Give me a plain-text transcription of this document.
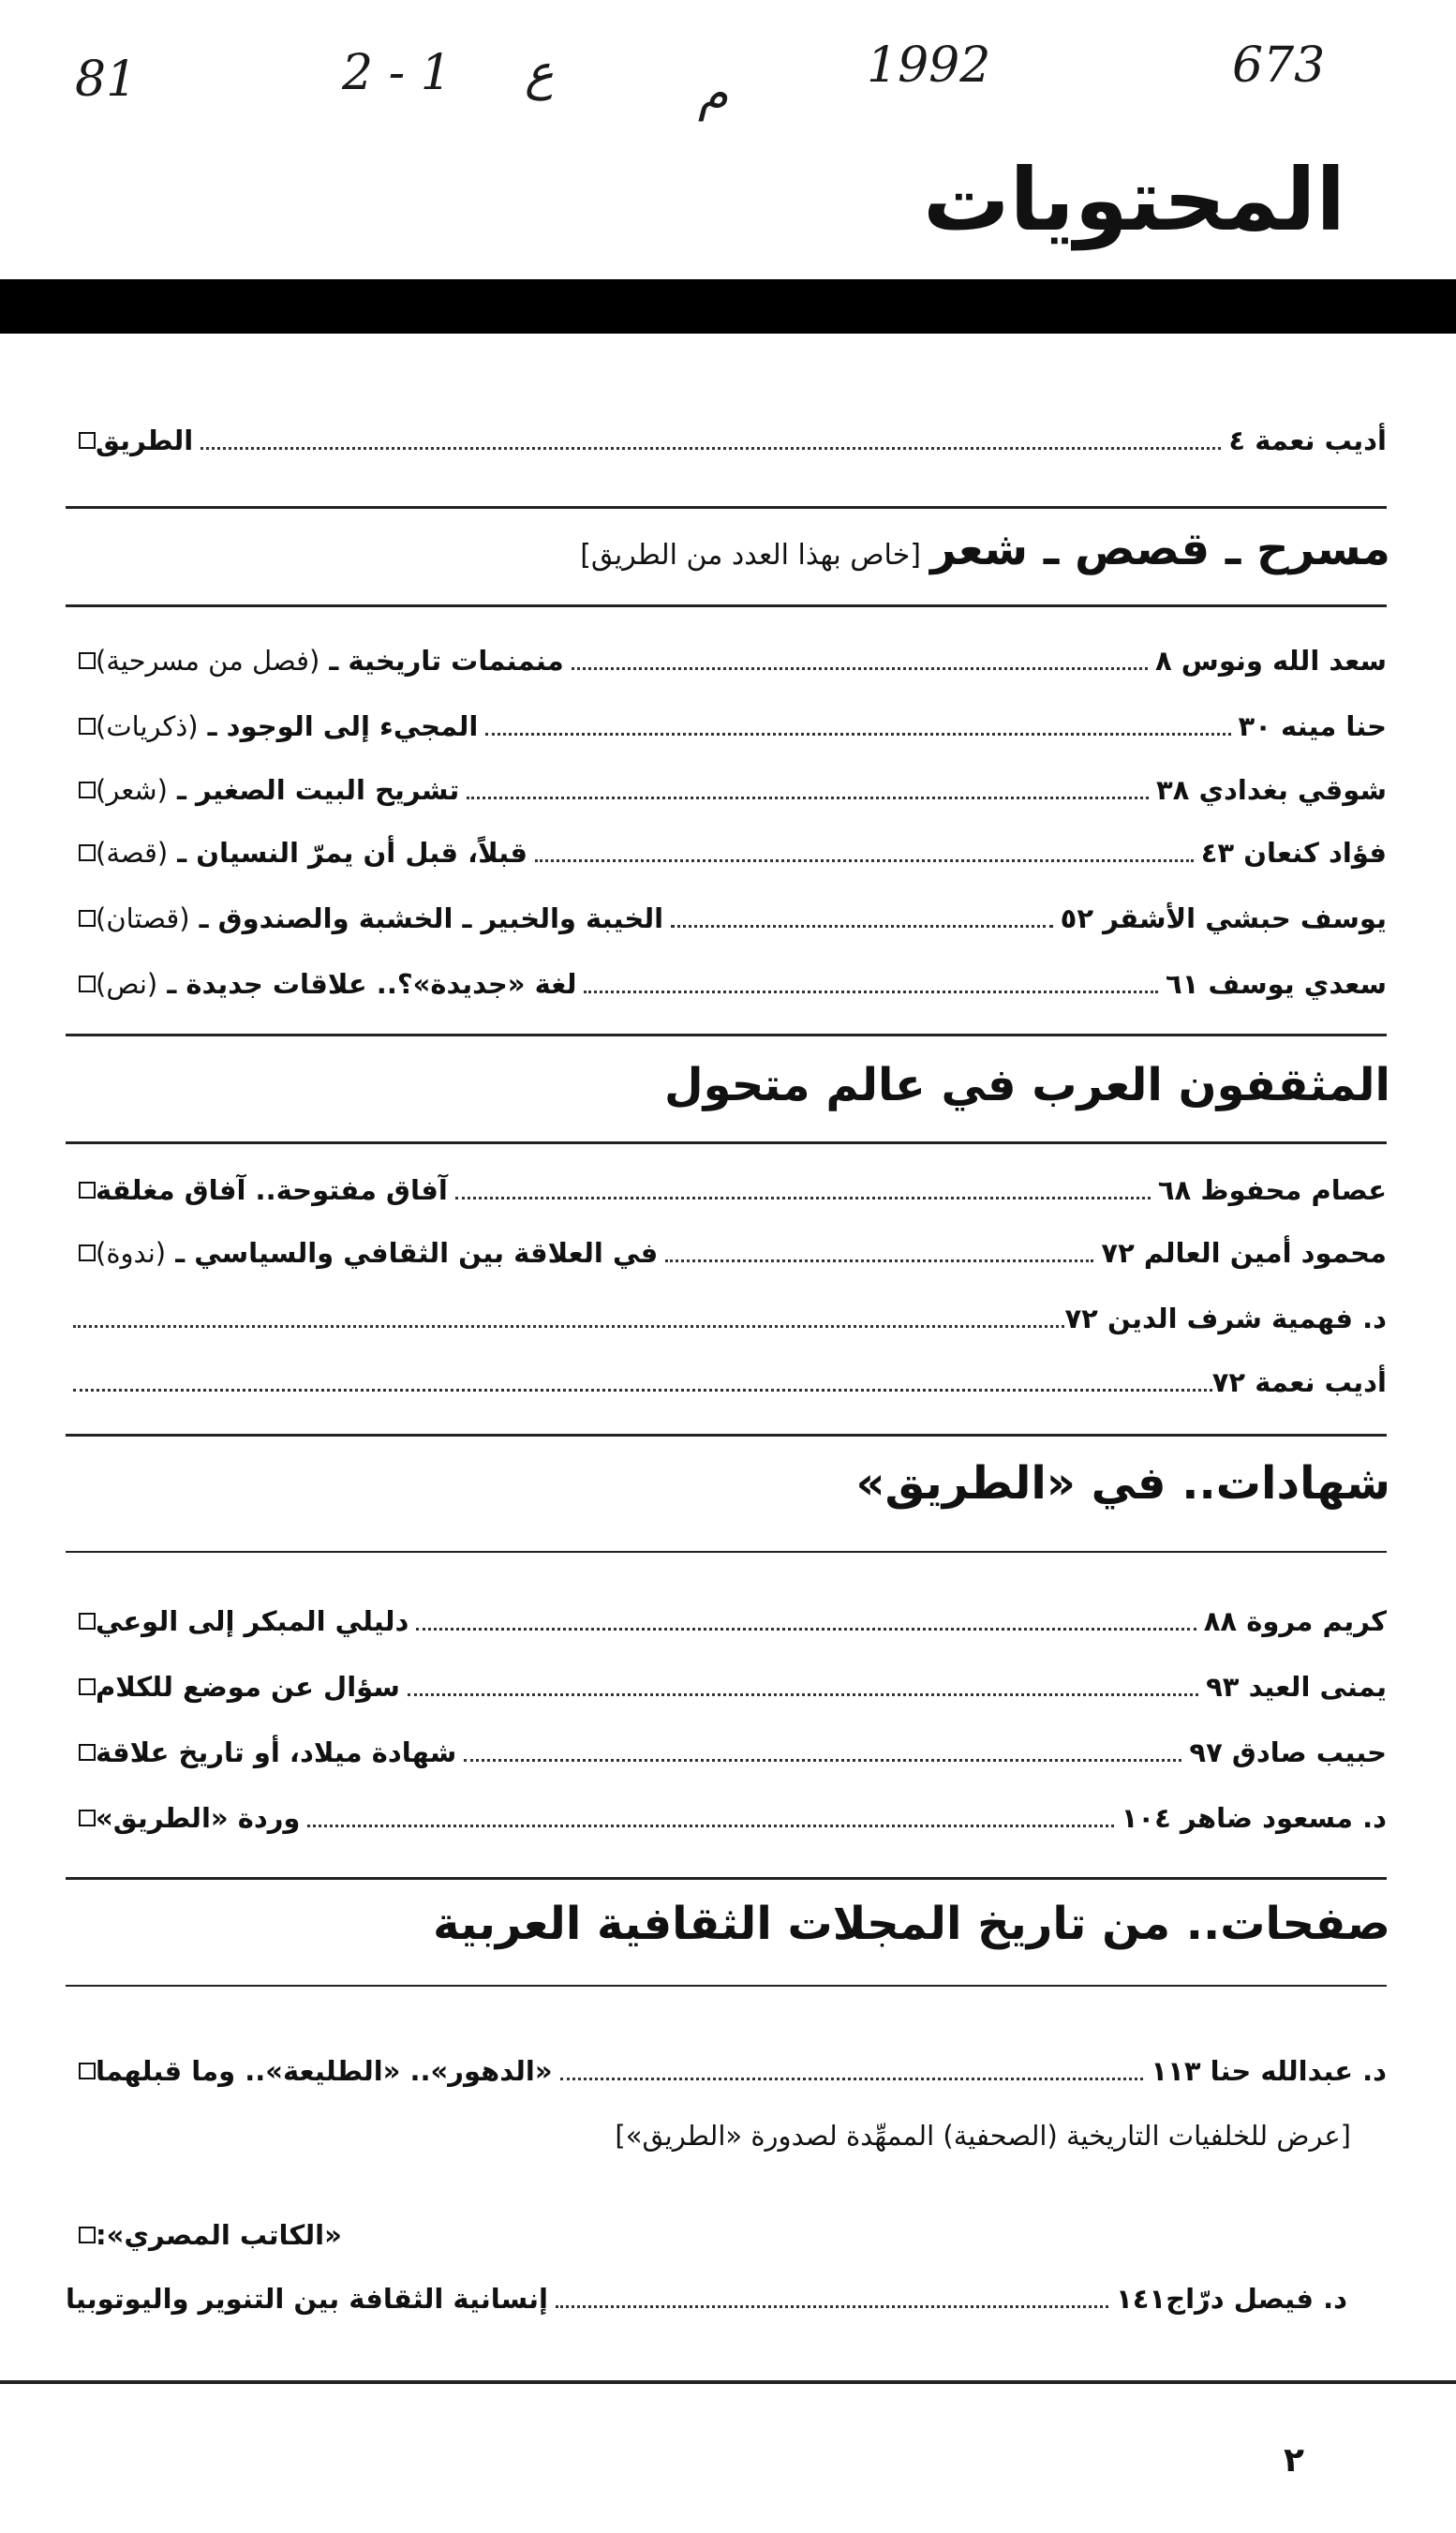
81	2 - 1 ع	م	1992	673
المحتويات
الطريق	أديب نعمة ٤
مسرح ـ قصص ـ شعر[خاص بهذا العدد من الطريق]
منمنمات تاريخية ـ (فصل من مسرحية)	سعد الله ونوس ٨
المجيء إلى الوجود ـ (ذكريات)	حنا مينه ٣٠
تشريح البيت الصغير ـ (شعر)	شوقي بغدادي ٣٨
قبلاً، قبل أن يمرّ النسيان ـ (قصة)	فؤاد كنعان ٤٣
الخيبة والخبير ـ الخشبة والصندوق ـ (قصتان)	يوسف حبشي الأشقر ٥٢
لغة «جديدة»؟.. علاقات جديدة ـ (نص)	سعدي يوسف ٦١
المثقفون العرب في عالم متحول
آفاق مفتوحة.. آفاق مغلقة	عصام محفوظ ٦٨
في العلاقة بين الثقافي والسياسي ـ (ندوة)	محمود أمين العالم ٧٢
د. فهمية شرف الدين ٧٢
أديب نعمة ٧٢
شهادات.. في «الطريق»
دليلي المبكر إلى الوعي	كريم مروة ٨٨
سؤال عن موضع للكلام	يمنى العيد ٩٣
شهادة ميلاد، أو تاريخ علاقة	حبيب صادق ٩٧
وردة «الطريق»	د. مسعود ضاهر ١٠٤
صفحات.. من تاريخ المجلات الثقافية العربية
«الدهور».. «الطليعة».. وما قبلهما	د. عبدالله حنا ١١٣
[عرض للخلفيات التاريخية (الصحفية) الممهِّدة لصدورة «الطريق»]
«الكاتب المصري»:
إنسانية الثقافة بين التنوير واليوتوبيا	د. فيصل درّاج١٤١
٢
